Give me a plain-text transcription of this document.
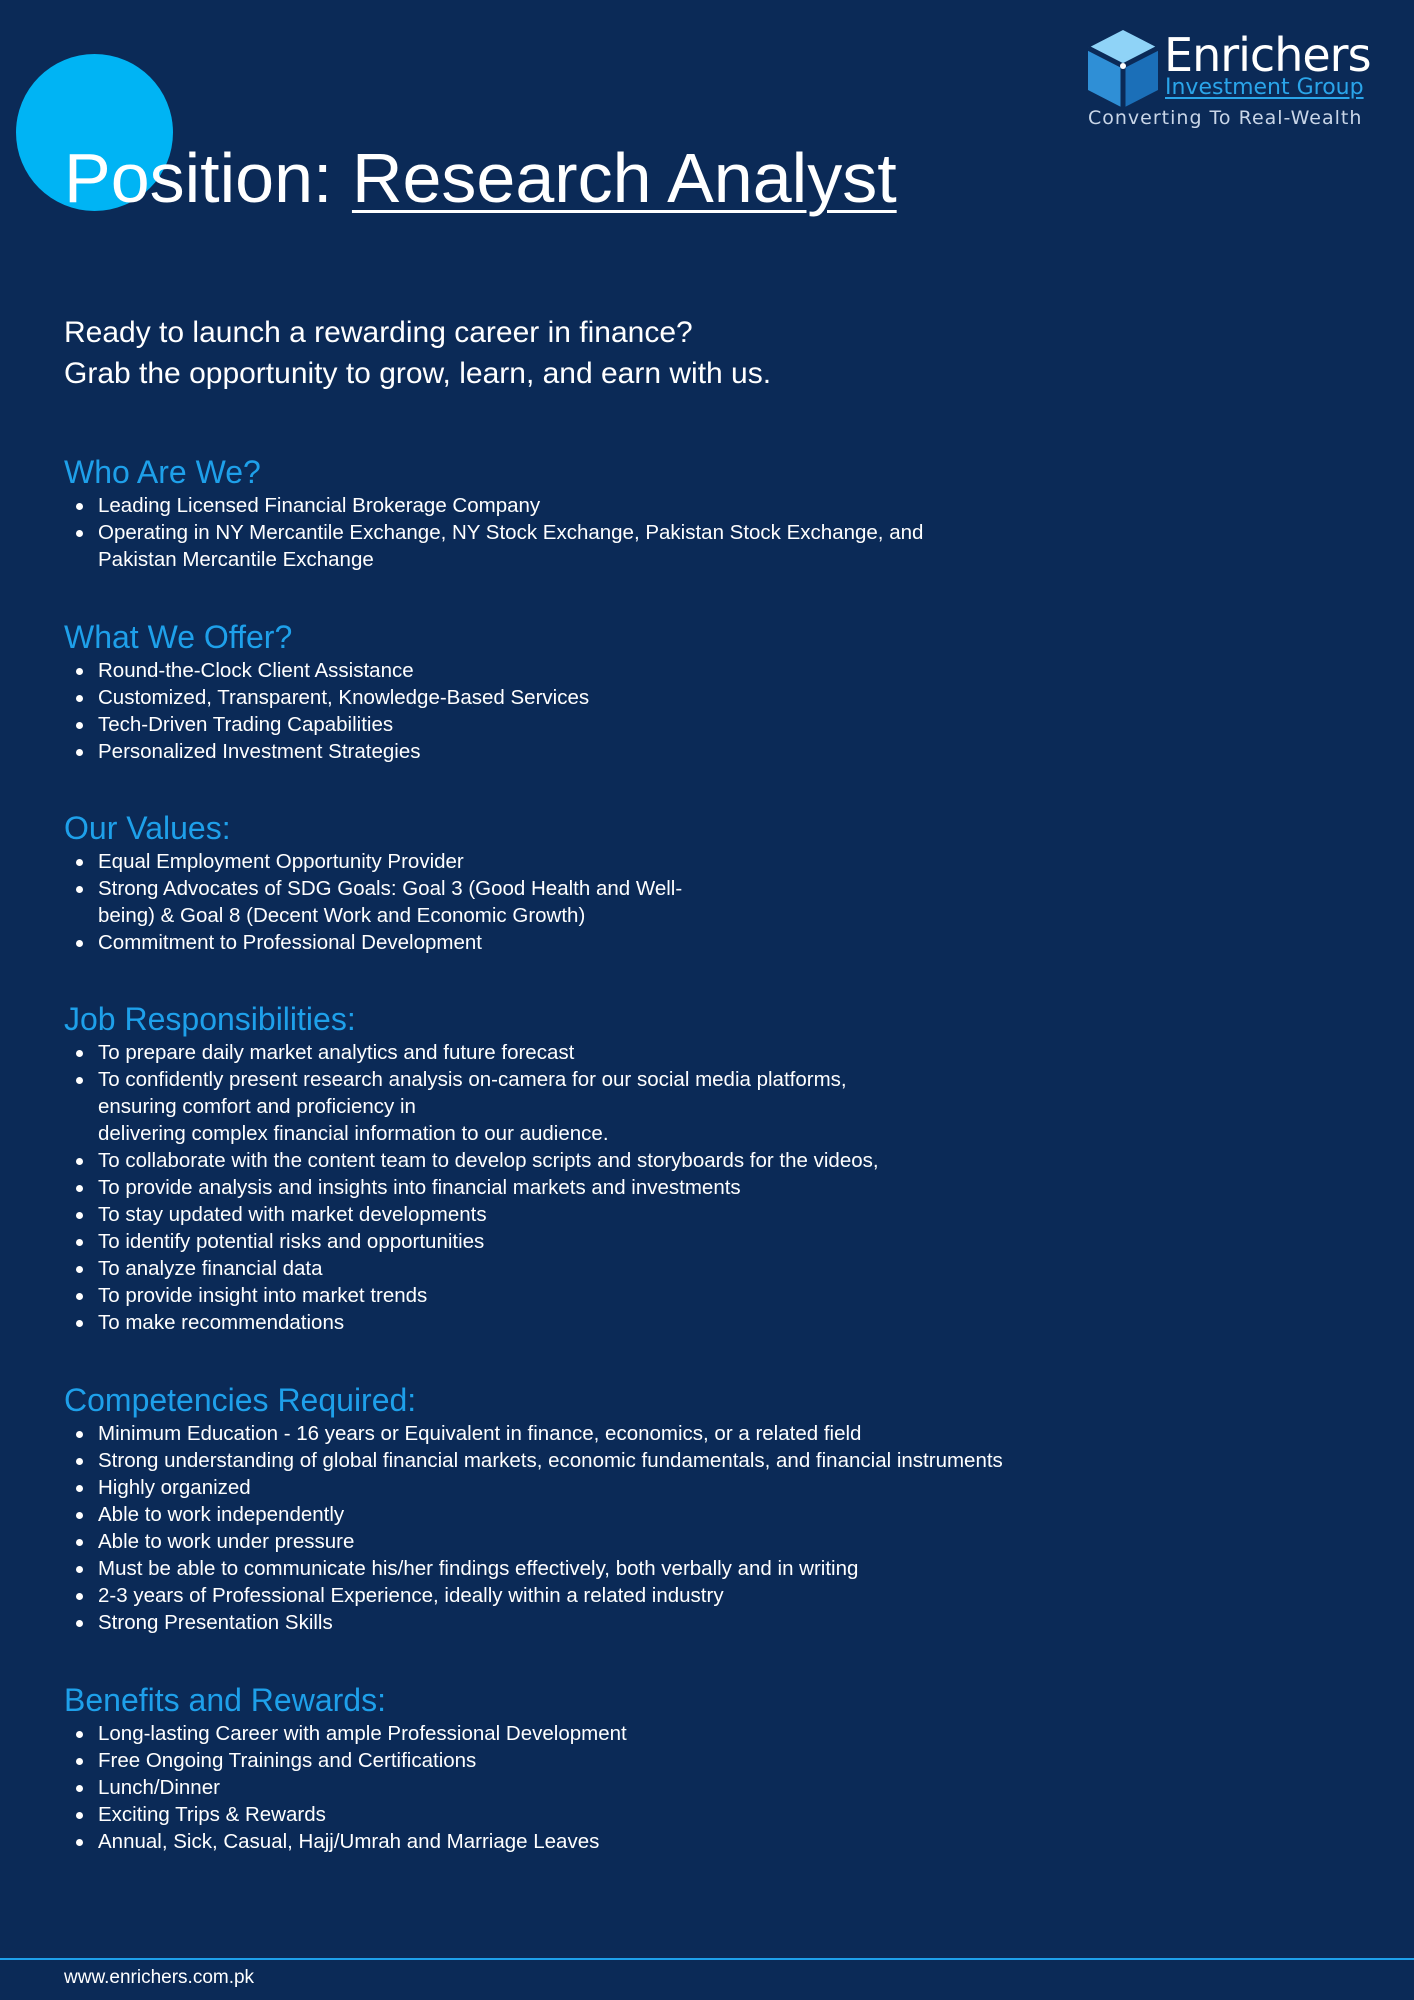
Enrichers
Investment Group
Converting To Real-Wealth
Position: Research Analyst
Ready to launch a rewarding career in finance?
Grab the opportunity to grow, learn, and earn with us.
Who Are We?
Leading Licensed Financial Brokerage Company
Operating in NY Mercantile Exchange, NY Stock Exchange, Pakistan Stock Exchange, and
Pakistan Mercantile Exchange
What We Offer?
Round-the-Clock Client Assistance
Customized, Transparent, Knowledge-Based Services
Tech-Driven Trading Capabilities
Personalized Investment Strategies
Our Values:
Equal Employment Opportunity Provider
Strong Advocates of SDG Goals: Goal 3 (Good Health and Well-
being) & Goal 8 (Decent Work and Economic Growth)
Commitment to Professional Development
Job Responsibilities:
To prepare daily market analytics and future forecast
To confidently present research analysis on-camera for our social media platforms,
ensuring comfort and proficiency in
delivering complex financial information to our audience.
To collaborate with the content team to develop scripts and storyboards for the videos,
To provide analysis and insights into financial markets and investments
To stay updated with market developments
To identify potential risks and opportunities
To analyze financial data
To provide insight into market trends
To make recommendations
Competencies Required:
Minimum Education - 16 years or Equivalent in finance, economics, or a related field
Strong understanding of global financial markets, economic fundamentals, and financial instruments
Highly organized
Able to work independently
Able to work under pressure
Must be able to communicate his/her findings effectively, both verbally and in writing
2-3 years of Professional Experience, ideally within a related industry
Strong Presentation Skills
Benefits and Rewards:
Long-lasting Career with ample Professional Development
Free Ongoing Trainings and Certifications
Lunch/Dinner
Exciting Trips & Rewards
Annual, Sick, Casual, Hajj/Umrah and Marriage Leaves
www.enrichers.com.pk
